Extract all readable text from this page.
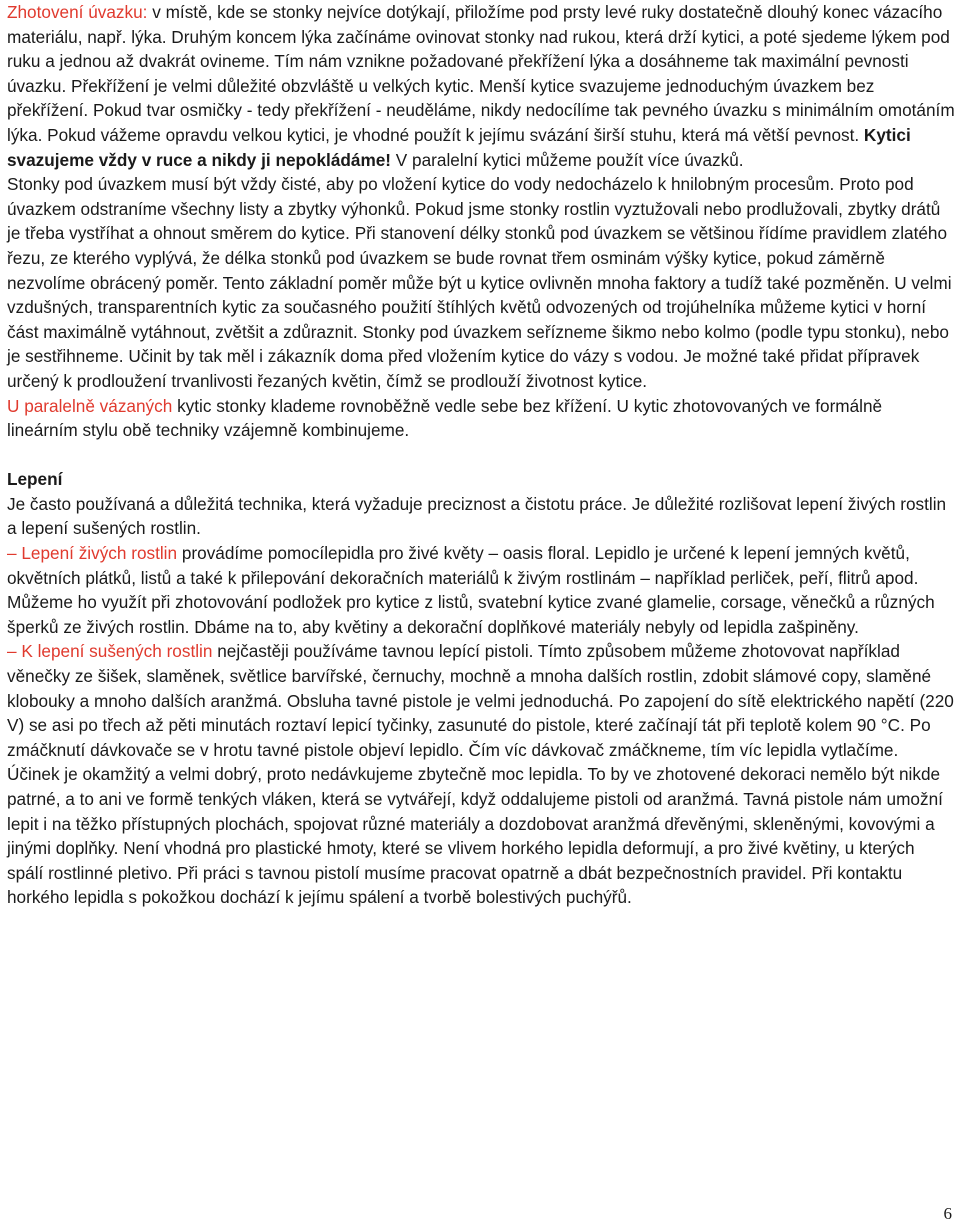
Zhotovení úvazku: v místě, kde se stonky nejvíce dotýkají, přiložíme pod prsty levé ruky dostatečně dlouhý konec vázacího materiálu, např. lýka. Druhým koncem lýka začínáme ovinovat stonky nad rukou, která drží kytici, a poté sjedeme lýkem pod ruku a jednou až dvakrát ovineme. Tím nám vznikne požadované překřížení lýka a dosáhneme tak maximální pevnosti úvazku. Překřížení je velmi důležité obzvláště u velkých kytic. Menší kytice svazujeme jednoduchým úvazkem bez překřížení. Pokud tvar osmičky - tedy překřížení - neuděláme, nikdy nedocílíme tak pevného úvazku s minimálním omotáním lýka. Pokud vážeme opravdu velkou kytici, je vhodné použít k jejímu svázání širší stuhu, která má větší pevnost. Kytici svazujeme vždy v ruce a nikdy ji nepokládáme! V paralelní kytici můžeme použít více úvazků.

Stonky pod úvazkem musí být vždy čisté, aby po vložení kytice do vody nedocházelo k hnilobným procesům. Proto pod úvazkem odstraníme všechny listy a zbytky výhonků. Pokud jsme stonky rostlin vyztužovali nebo prodlužovali, zbytky drátů je třeba vystříhat a ohnout směrem do kytice. Při stanovení délky stonků pod úvazkem se většinou řídíme pravidlem zlatého řezu, ze kterého vyplývá, že délka stonků pod úvazkem se bude rovnat třem osminám výšky kytice, pokud záměrně nezvolíme obrácený poměr. Tento základní poměr může být u kytice ovlivněn mnoha faktory a tudíž také pozměněn. U velmi vzdušných, transparentních kytic za současného použití štíhlých květů odvozených od trojúhelníka můžeme kytici v horní část maximálně vytáhnout, zvětšit a zdůraznit. Stonky pod úvazkem seřízneme šikmo nebo kolmo (podle typu stonku), nebo je sestřihneme. Učinit by tak měl i zákazník doma před vložením kytice do vázy s vodou. Je možné také přidat přípravek určený k prodloužení trvanlivosti řezaných květin, čímž se prodlouží životnost kytice.

U paralelně vázaných kytic stonky klademe rovnoběžně vedle sebe bez křížení. U kytic zhotovovaných ve formálně lineárním stylu obě techniky vzájemně kombinujeme.

Lepení

Je často používaná a důležitá technika, která vyžaduje preciznost a čistotu práce. Je důležité rozlišovat lepení živých rostlin a lepení sušených rostlin.

– Lepení živých rostlin provádíme pomocílepidla pro živé květy – oasis floral. Lepidlo je určené k lepení jemných květů, okvětních plátků, listů a také k přilepování dekoračních materiálů k živým rostlinám – například perliček, peří, flitrů apod. Můžeme ho využít při zhotovování podložek pro kytice z listů, svatební kytice zvané glamelie, corsage, věnečků a různých šperků ze živých rostlin. Dbáme na to, aby květiny a dekorační doplňkové materiály nebyly od lepidla zašpiněny.

– K lepení sušených rostlin nejčastěji používáme tavnou lepící pistoli. Tímto způsobem můžeme zhotovovat například věnečky ze šišek, slaměnek, světlice barvířské, černuchy, mochně a mnoha dalších rostlin, zdobit slámové copy, slaměné klobouky a mnoho dalších aranžmá. Obsluha tavné pistole je velmi jednoduchá. Po zapojení do sítě elektrického napětí (220 V) se asi po třech až pěti minutách roztaví lepicí tyčinky, zasunuté do pistole, které začínají tát při teplotě kolem 90 °C. Po zmáčknutí dávkovače se v hrotu tavné pistole objeví lepidlo. Čím víc dávkovač zmáčkneme, tím víc lepidla vytlačíme. Účinek je okamžitý a velmi dobrý, proto nedávkujeme zbytečně moc lepidla. To by ve zhotovené dekoraci nemělo být nikde patrné, a to ani ve formě tenkých vláken, která se vytvářejí, když oddalujeme pistoli od aranžmá. Tavná pistole nám umožní lepit i na těžko přístupných plochách, spojovat různé materiály a dozdobovat aranžmá dřevěnými, skleněnými, kovovými a jinými doplňky. Není vhodná pro plastické hmoty, které se vlivem horkého lepidla deformují, a pro živé květiny, u kterých spálí rostlinné pletivo. Při práci s tavnou pistolí musíme pracovat opatrně a dbát bezpečnostních pravidel. Při kontaktu horkého lepidla s pokožkou dochází k jejímu spálení a tvorbě bolestivých puchýřů.

6
